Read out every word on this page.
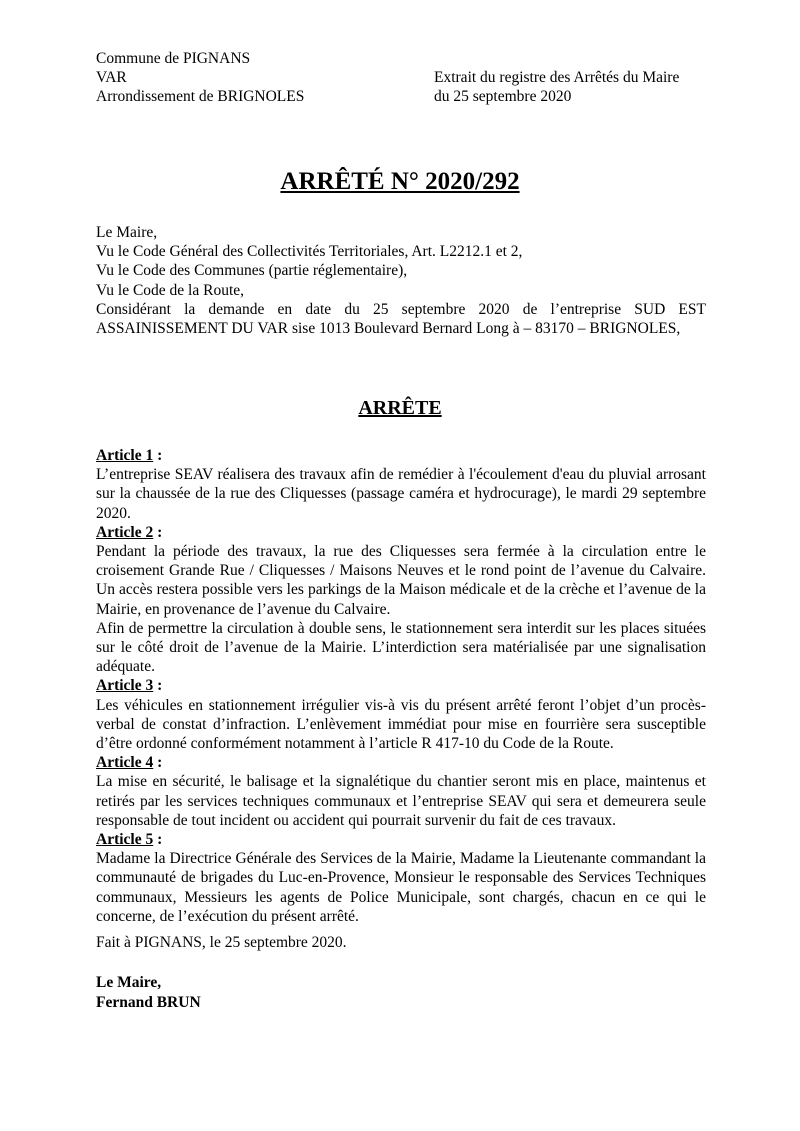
Commune de PIGNANS
VAR
Arrondissement de BRIGNOLES
Extrait du registre des Arrêtés du Maire
du 25 septembre 2020
ARRÊTÉ N° 2020/292
Le Maire,
Vu le Code Général des Collectivités Territoriales, Art. L2212.1 et 2,
Vu le Code des Communes (partie réglementaire),
Vu le Code de la Route,
Considérant la demande en date du 25 septembre 2020 de l’entreprise SUD EST ASSAINISSEMENT DU VAR sise 1013 Boulevard Bernard Long à – 83170 – BRIGNOLES,
ARRÊTE
Article 1 :

L’entreprise SEAV réalisera des travaux afin de remédier à l'écoulement d'eau du pluvial arrosant sur la chaussée de la rue des Cliquesses (passage caméra et hydrocurage), le mardi 29 septembre 2020.

Article 2 :

Pendant la période des travaux, la rue des Cliquesses sera fermée à la circulation entre le croisement Grande Rue / Cliquesses / Maisons Neuves et le rond point de l’avenue du Calvaire. Un accès restera possible vers les parkings de la Maison médicale et de la crèche et l’avenue de la Mairie, en provenance de l’avenue du Calvaire.

Afin de permettre la circulation à double sens, le stationnement sera interdit sur les places situées sur le côté droit de l’avenue de la Mairie. L’interdiction sera matérialisée par une signalisation adéquate.

Article 3 :

Les véhicules en stationnement irrégulier vis-à vis du présent arrêté feront l’objet d’un procès-verbal de constat d’infraction. L’enlèvement immédiat pour mise en fourrière sera susceptible d’être ordonné conformément notamment à l’article R 417-10 du Code de la Route.

Article 4 :

La mise en sécurité, le balisage et la signalétique du chantier seront mis en place, maintenus et retirés par les services techniques communaux et l’entreprise SEAV qui sera et demeurera seule responsable de tout incident ou accident qui pourrait survenir du fait de ces travaux.

Article 5 :

Madame la Directrice Générale des Services de la Mairie, Madame la Lieutenante commandant la communauté de brigades du Luc-en-Provence, Monsieur le responsable des Services Techniques communaux, Messieurs les agents de Police Municipale, sont chargés, chacun en ce qui le concerne, de l’exécution du présent arrêté.

Fait à PIGNANS, le 25 septembre 2020.
Le Maire,
Fernand BRUN
